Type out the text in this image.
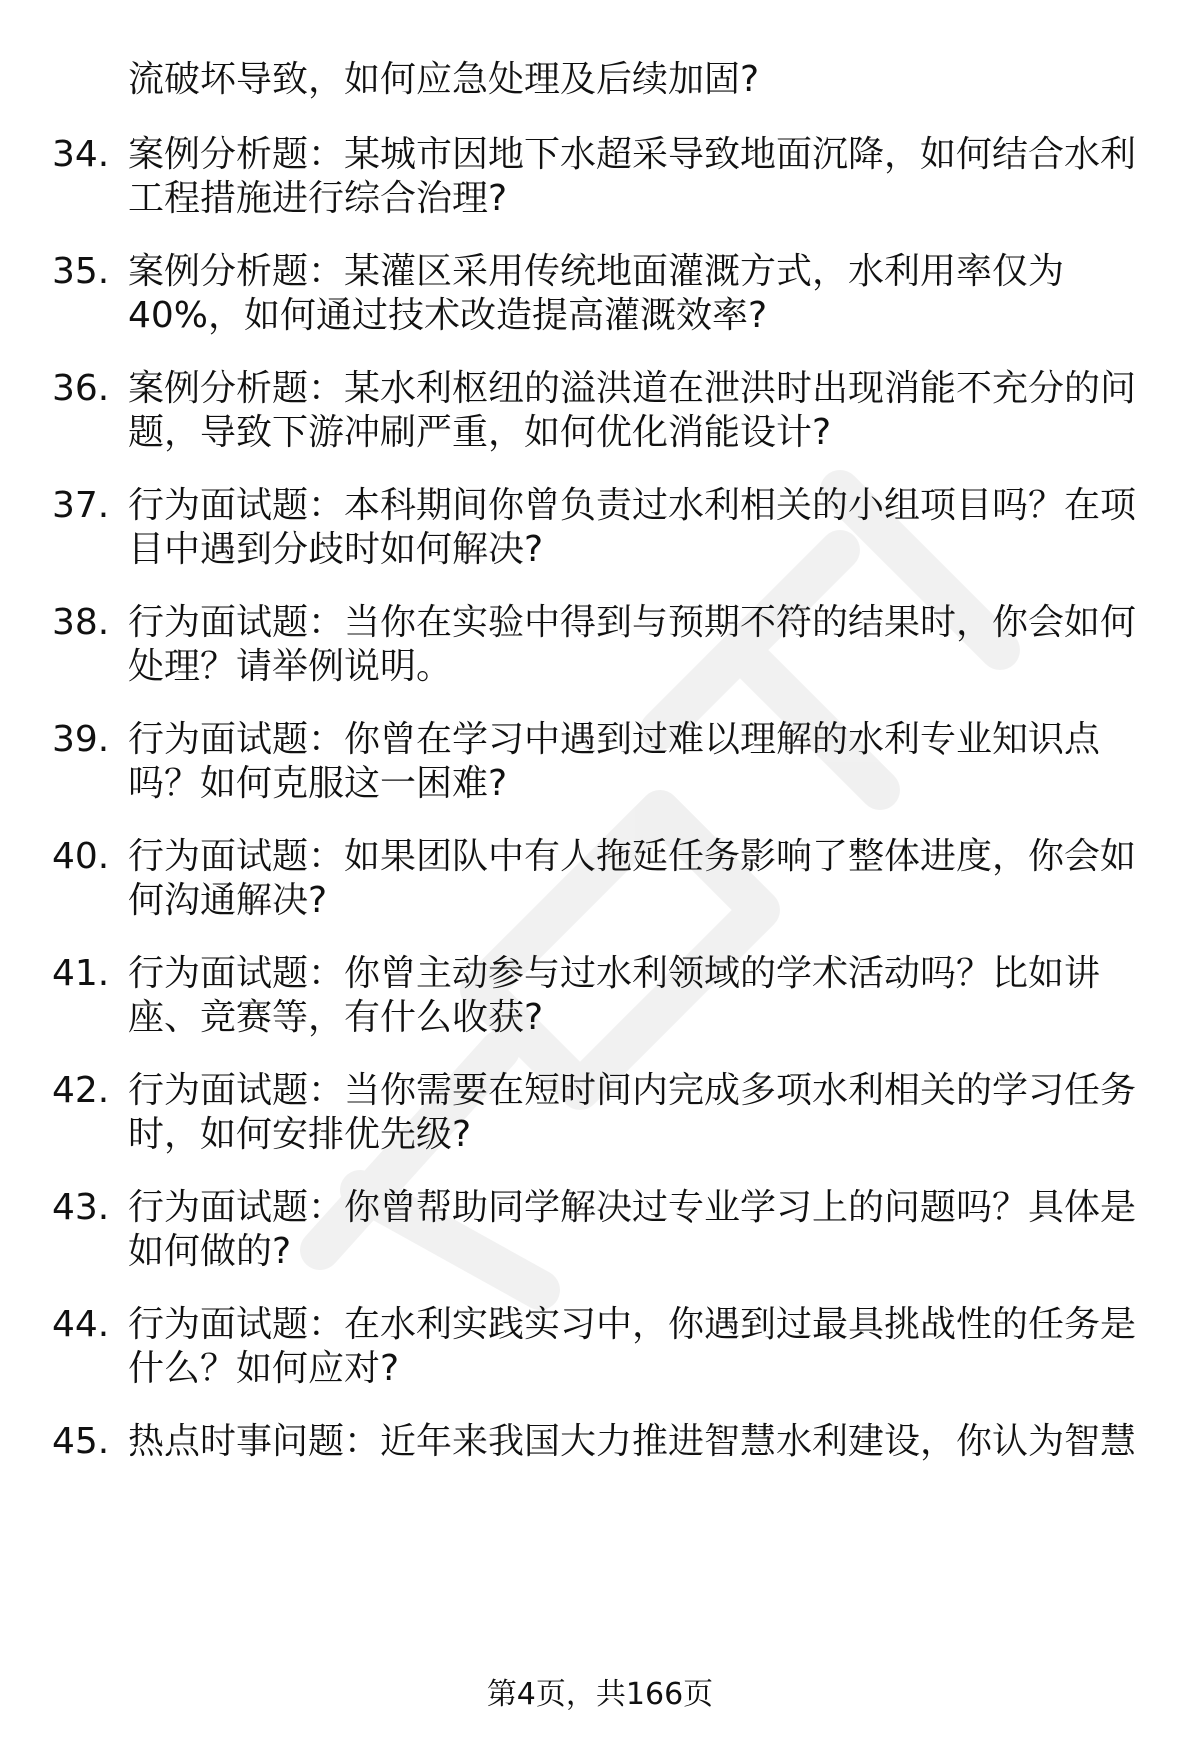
流破坏导致，如何应急处理及后续加固?
34. 案例分析题：某城市因地下水超采导致地面沉降，如何结合水利
工程措施进行综合治理?
35. 案例分析题：某灌区采用传统地面灌溉方式，水利用率仅为
40%，如何通过技术改造提高灌溉效率?
36. 案例分析题：某水利枢纽的溢洪道在泄洪时出现消能不充分的问
题，导致下游冲刷严重，如何优化消能设计?
37. 行为面试题：本科期间你曾负责过水利相关的小组项目吗？在项
目中遇到分歧时如何解决?
38. 行为面试题：当你在实验中得到与预期不符的结果时，你会如何
处理？请举例说明。
39. 行为面试题：你曾在学习中遇到过难以理解的水利专业知识点
吗？如何克服这一困难?
40. 行为面试题：如果团队中有人拖延任务影响了整体进度，你会如
何沟通解决?
41. 行为面试题：你曾主动参与过水利领域的学术活动吗？比如讲
座、竞赛等，有什么收获?
42. 行为面试题：当你需要在短时间内完成多项水利相关的学习任务
时，如何安排优先级?
43. 行为面试题：你曾帮助同学解决过专业学习上的问题吗？具体是
如何做的?
44. 行为面试题：在水利实践实习中，你遇到过最具挑战性的任务是
什么？如何应对?
45. 热点时事问题：近年来我国大力推进智慧水利建设，你认为智慧
第4页，共166页
